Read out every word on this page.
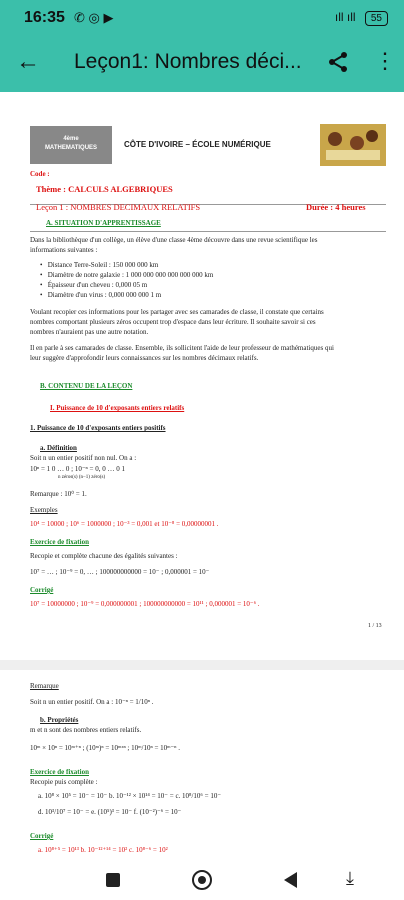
16:35 ✆ ◎ ▶	ıll ıll 55
← Leçon1: Nombres déci...	⋮
4ème
MATHEMATIQUES	CÔTE D'IVOIRE – ÉCOLE NUMÉRIQUE
Code :
Thème : CALCULS ALGEBRIQUES
Leçon 1 : NOMBRES DECIMAUX RELATIFS	Durée : 4 heures
A. SITUATION D'APPRENTISSAGE
Dans la bibliothèque d'un collège, un élève d'une classe 4ème découvre dans une revue scientifique les
informations suivantes :
•   Distance Terre-Soleil : 150 000 000 km
•   Diamètre de notre galaxie : 1 000 000 000 000 000 000 km
•   Épaisseur d'un cheveu : 0,000 05 m
•   Diamètre d'un virus : 0,000 000 000 1 m
Voulant recopier ces informations pour les partager avec ses camarades de classe, il constate que certains
nombres comportant plusieurs zéros occupent trop d'espace dans leur écriture. Il souhaite savoir si ces
nombres n'auraient pas une autre notation.
Il en parle à ses camarades de classe. Ensemble, ils sollicitent l'aide de leur professeur de mathématiques qui
leur suggère d'approfondir leurs connaissances sur les nombres décimaux relatifs.
B. CONTENU DE LA LEÇON
I. Puissance de 10 d'exposants entiers relatifs
1. Puissance de 10 d'exposants entiers positifs
a. Définition
Soit n un entier positif non nul. On a :
10ⁿ = 1 0 … 0 ; 10⁻ⁿ = 0, 0 … 0 1
n zéros(s) (n−1) zéro(s)
Remarque : 10⁰ = 1.
Exemples
10⁴ = 10000 ; 10⁶ = 1000000 ; 10⁻³ = 0,001 et 10⁻⁸ = 0,00000001 .
Exercice de fixation
Recopie et complète chacune des égalités suivantes :
10⁷ = … ; 10⁻⁹ = 0, … ; 100000000000 = 10⁻ ; 0,000001 = 10⁻
Corrigé
10⁷ = 10000000 ; 10⁻⁹ = 0,000000001 ; 100000000000 = 10¹¹ ; 0,000001 = 10⁻⁶ .
1 / 13
Remarque
Soit n un entier positif. On a : 10⁻ⁿ = 1/10ⁿ .
b. Propriétés
m et n sont des nombres entiers relatifs.
10ᵐ × 10ⁿ = 10ᵐ⁺ⁿ ; (10ᵐ)ⁿ = 10ᵐˣⁿ ; 10ᵐ/10ⁿ = 10ᵐ⁻ⁿ .
Exercice de fixation
Recopie puis complète :
a. 10⁸ × 10⁵ = 10⁻ = 10⁻ b. 10⁻¹² × 10¹⁴ = 10⁻ = c. 10⁸/10⁶ = 10⁻
d. 10³/10⁷ = 10⁻ = e. (10⁵)³ = 10⁻ f. (10⁻²)⁻⁶ = 10⁻
Corrigé
a. 10⁸⁺⁵ = 10¹³ b. 10⁻¹²⁺¹⁴ = 10² c. 10⁸⁻⁶ = 10²
⤓
